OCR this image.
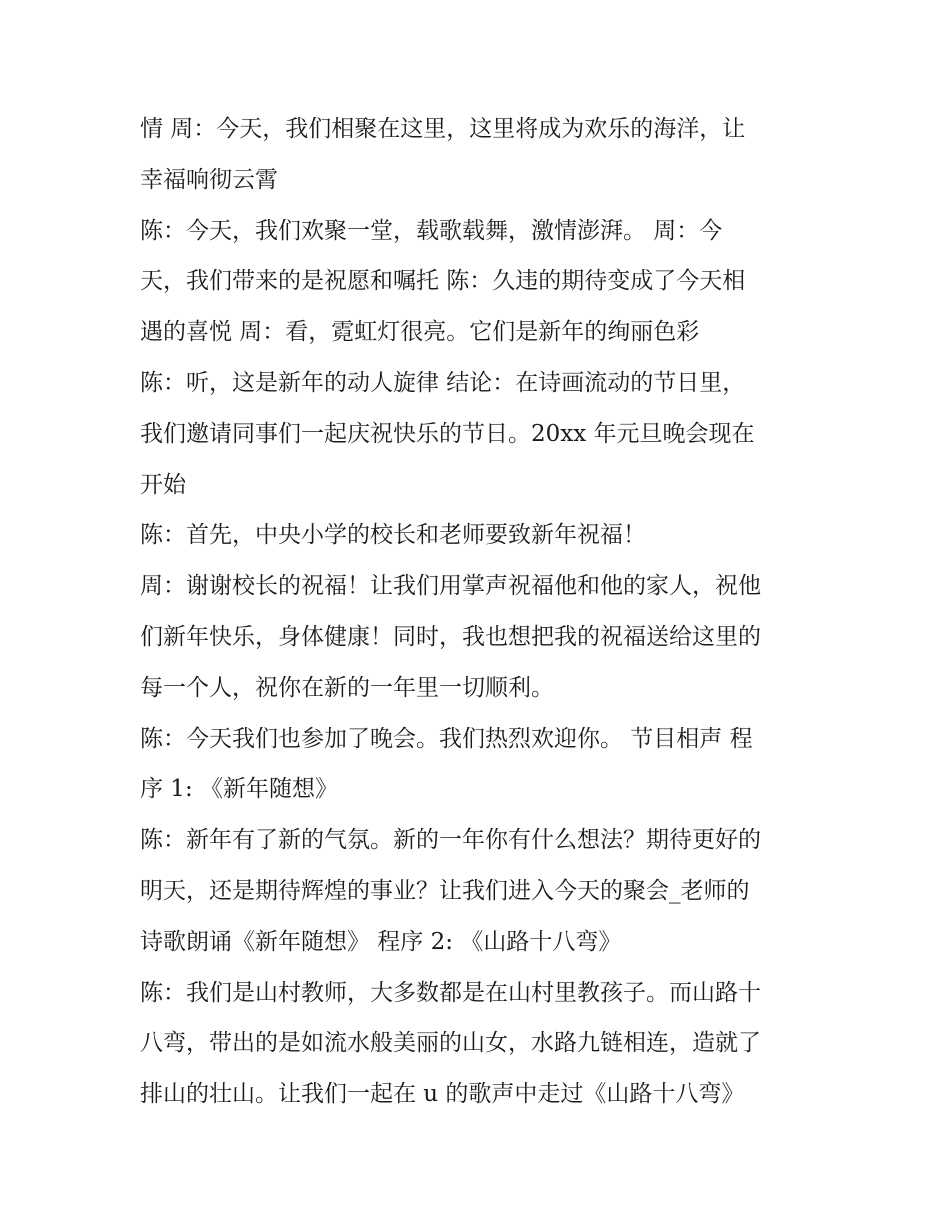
情 周：今天，我们相聚在这里，这里将成为欢乐的海洋，让
幸福响彻云霄
陈：今天，我们欢聚一堂，载歌载舞，激情澎湃。 周：今
天，我们带来的是祝愿和嘱托 陈：久违的期待变成了今天相
遇的喜悦 周：看，霓虹灯很亮。它们是新年的绚丽色彩
陈：听，这是新年的动人旋律 结论：在诗画流动的节日里，
我们邀请同事们一起庆祝快乐的节日。20xx 年元旦晚会现在
开始
陈：首先，中央小学的校长和老师要致新年祝福！
周：谢谢校长的祝福！让我们用掌声祝福他和他的家人，祝他
们新年快乐，身体健康！同时，我也想把我的祝福送给这里的
每一个人，祝你在新的一年里一切顺利。
陈：今天我们也参加了晚会。我们热烈欢迎你。 节目相声 程
序 1: 《新年随想》
陈：新年有了新的气氛。新的一年你有什么想法？期待更好的
明天，还是期待辉煌的事业？让我们进入今天的聚会_老师的
诗歌朗诵《新年随想》 程序 2: 《山路十八弯》
陈：我们是山村教师，大多数都是在山村里教孩子。而山路十
八弯，带出的是如流水般美丽的山女，水路九链相连，造就了
排山的壮山。让我们一起在 u 的歌声中走过《山路十八弯》
